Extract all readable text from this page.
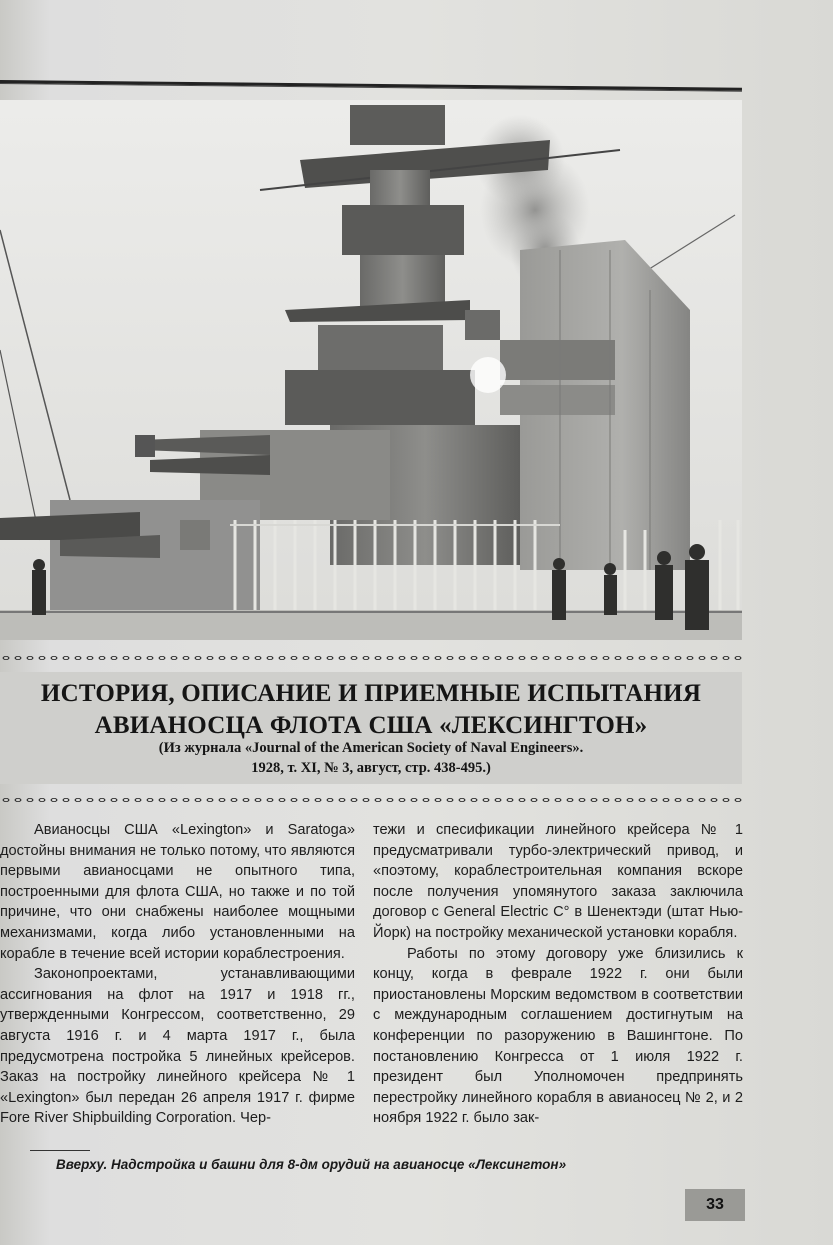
ИСТОРИЯ, ОПИСАНИЕ И ПРИЕМНЫЕ ИСПЫТАНИЯ
АВИАНОСЦА ФЛОТА США «ЛЕКСИНГТОН»
(Из журнала «Journal of the American Society of Naval Engineers».
1928, т. XI, № 3, август, стр. 438-495.)

Авианосцы США «Lexington» и Saratoga» достойны внимания не только потому, что являются первыми авианосцами не опытного типа, построенными для флота США, но также и по той причине, что они снабжены наиболее мощными механизмами, когда либо установленными на корабле в течение всей истории кораблестроения.

Законопроектами, устанавливающими ассигнования на флот на 1917 и 1918 гг., утвержденными Конгрессом, соответственно, 29 августа 1916 г. и 4 марта 1917 г., была предусмотрена постройка 5 линейных крейсеров. Заказ на постройку линейного крейсера № 1 «Lexington» был передан 26 апреля 1917 г. фирме Fore River Shipbuilding Corporation. Чер-

тежи и спесификации линейного крейсера № 1 предусматривали турбо-электрический привод, и «поэтому, кораблестроительная компания вскоре после получения упомянутого заказа заключила договор с General Electric C° в Шенектэди (штат Нью-Йорк) на постройку механической установки корабля.

Работы по этому договору уже близились к концу, когда в феврале 1922 г. они были приостановлены Морским ведомством в соответствии с международным соглашением достигнутым на конференции по разоружению в Вашингтоне. По постановлению Конгресса от 1 июля 1922 г. президент был Уполномочен предпринять перестройку линейного корабля в авианосец № 2, и 2 ноября 1922 г. было зак-

Вверху. Надстройка и башни для 8-дм орудий на авианосце «Лексингтон»
33
